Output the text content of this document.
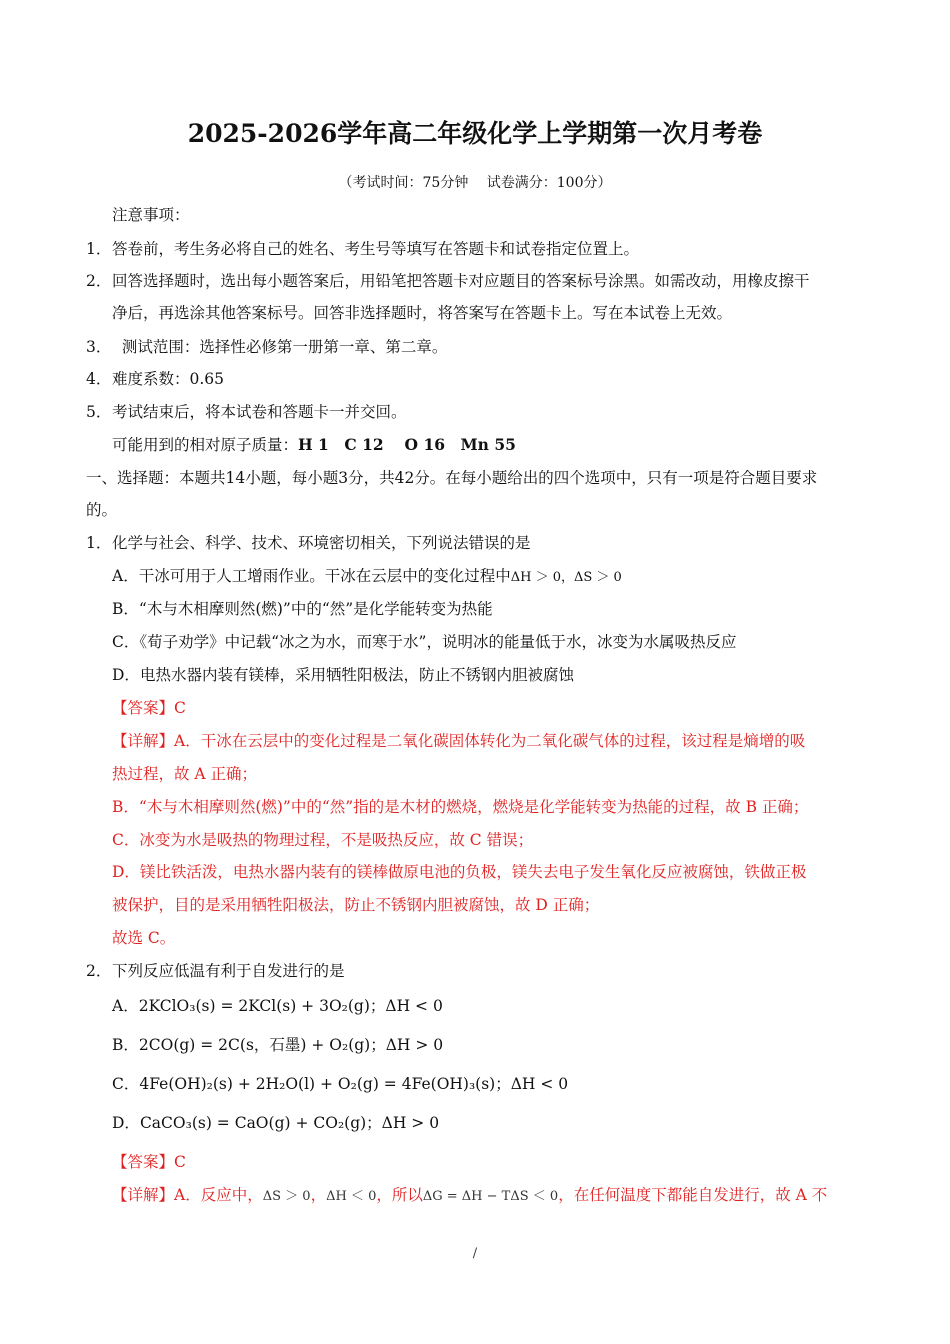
2025-2026学年高二年级化学上学期第一次月考卷
（考试时间：75分钟　 试卷满分：100分）
注意事项：
1．答卷前，考生务必将自己的姓名、考生号等填写在答题卡和试卷指定位置上。
2．回答选择题时，选出每小题答案后，用铅笔把答题卡对应题目的答案标号涂黑。如需改动，用橡皮擦干
净后，再选涂其他答案标号。回答非选择题时，将答案写在答题卡上。写在本试卷上无效。
3．  测试范围：选择性必修第一册第一章、第二章。
4．难度系数：0.65
5．考试结束后，将本试卷和答题卡一并交回。
可能用到的相对原子质量：H 1　C 12　 O 16　Mn 55
一、选择题：本题共14小题，每小题3分，共42分。在每小题给出的四个选项中，只有一项是符合题目要求
的。
1．化学与社会、科学、技术、环境密切相关，下列说法错误的是
A．干冰可用于人工增雨作业。干冰在云层中的变化过程中ΔH ＞ 0，ΔS ＞ 0
B．“木与木相摩则然(燃)”中的“然”是化学能转变为热能
C．《荀子劝学》中记载“冰之为水，而寒于水”，说明冰的能量低于水，冰变为水属吸热反应
D．电热水器内装有镁棒，采用牺牲阳极法，防止不锈钢内胆被腐蚀
【答案】C
【详解】A．干冰在云层中的变化过程是二氧化碳固体转化为二氧化碳气体的过程，该过程是熵增的吸
热过程，故 A 正确；
B．“木与木相摩则然(燃)”中的“然”指的是木材的燃烧，燃烧是化学能转变为热能的过程，故 B 正确；
C．冰变为水是吸热的物理过程，不是吸热反应，故 C 错误；
D．镁比铁活泼，电热水器内装有的镁棒做原电池的负极，镁失去电子发生氧化反应被腐蚀，铁做正极
被保护，目的是采用牺牲阳极法，防止不锈钢内胆被腐蚀，故 D 正确；
故选 C。
2．下列反应低温有利于自发进行的是
A．2KClO₃(s) = 2KCl(s) + 3O₂(g)；ΔH < 0
B．2CO(g) = 2C(s，石墨) + O₂(g)；ΔH > 0
C．4Fe(OH)₂(s) + 2H₂O(l) + O₂(g) = 4Fe(OH)₃(s)；ΔH < 0
D．CaCO₃(s) = CaO(g) + CO₂(g)；ΔH > 0
【答案】C
【详解】A．反应中，ΔS ＞ 0，ΔH ＜ 0，所以ΔG = ΔH − TΔS ＜ 0，在任何温度下都能自发进行，故 A 不
/
